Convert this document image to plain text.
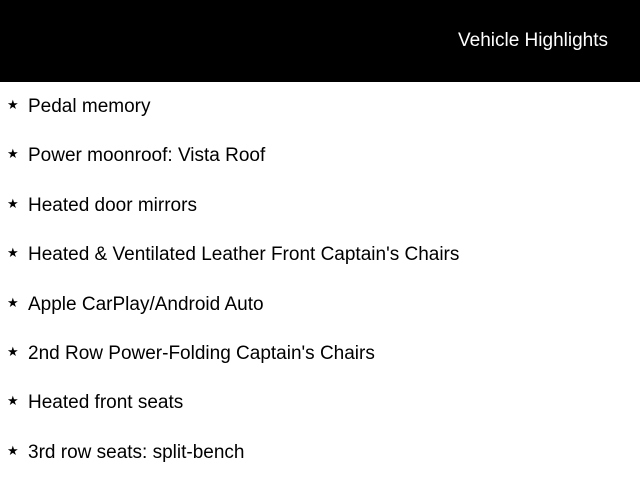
Vehicle Highlights
★ Pedal memory
★ Power moonroof: Vista Roof
★ Heated door mirrors
★ Heated & Ventilated Leather Front Captain's Chairs
★ Apple CarPlay/Android Auto
★ 2nd Row Power-Folding Captain's Chairs
★ Heated front seats
★ 3rd row seats: split-bench
